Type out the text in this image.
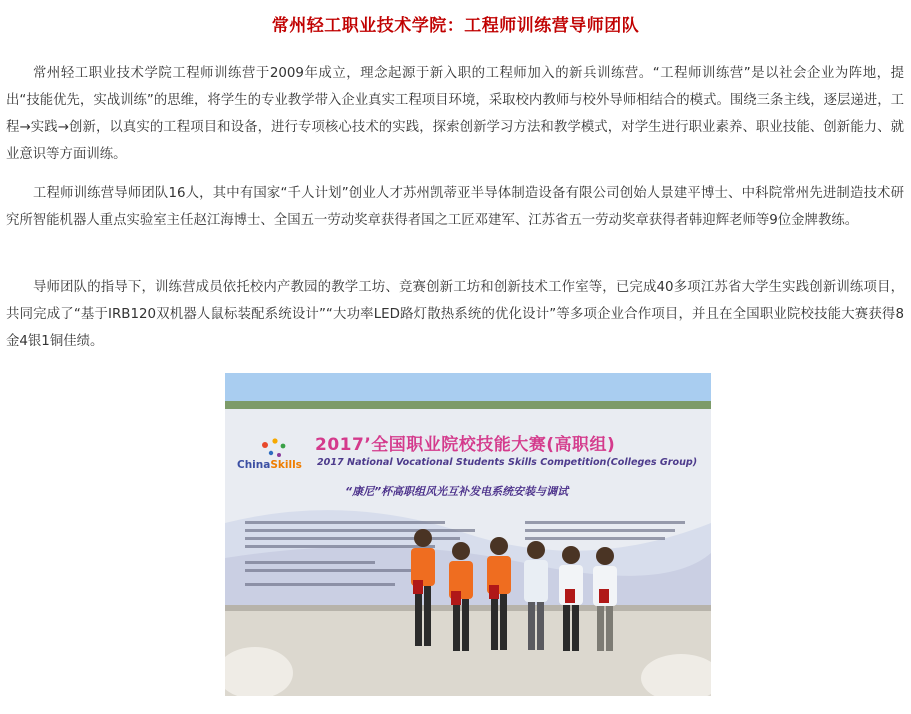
常州轻工职业技术学院：工程师训练营导师团队

常州轻工职业技术学院工程师训练营于2009年成立，理念起源于新入职的工程师加入的新兵训练营。“工程师训练营”是以社会企业为阵地，提出“技能优先，实战训练”的思维，将学生的专业教学带入企业真实工程项目环境，采取校内教师与校外导师相结合的模式。围绕三条主线，逐层递进，工程→实践→创新，以真实的工程项目和设备，进行专项核心技术的实践，探索创新学习方法和教学模式，对学生进行职业素养、职业技能、创新能力、就业意识等方面训练。

工程师训练营导师团队16人，其中有国家“千人计划”创业人才苏州凯蒂亚半导体制造设备有限公司创始人景建平博士、中科院常州先进制造技术研究所智能机器人重点实验室主任赵江海博士、全国五一劳动奖章获得者国之工匠邓建军、江苏省五一劳动奖章获得者韩迎辉老师等9位金牌教练。

导师团队的指导下，训练营成员依托校内产教园的教学工坊、竞赛创新工坊和创新技术工作室等，已完成40多项江苏省大学生实践创新训练项目，共同完成了“基于IRB120双机器人鼠标装配系统设计”“大功率LED路灯散热系统的优化设计”等多项企业合作项目，并且在全国职业院校技能大赛获得8金4银1铜佳绩。

2017’全国职业院校技能大赛(高职组)
2017 National Vocational Students Skills Competition(Colleges Group)
“康尼”杯高职组风光互补发电系统安装与调试
ChinaSkills
